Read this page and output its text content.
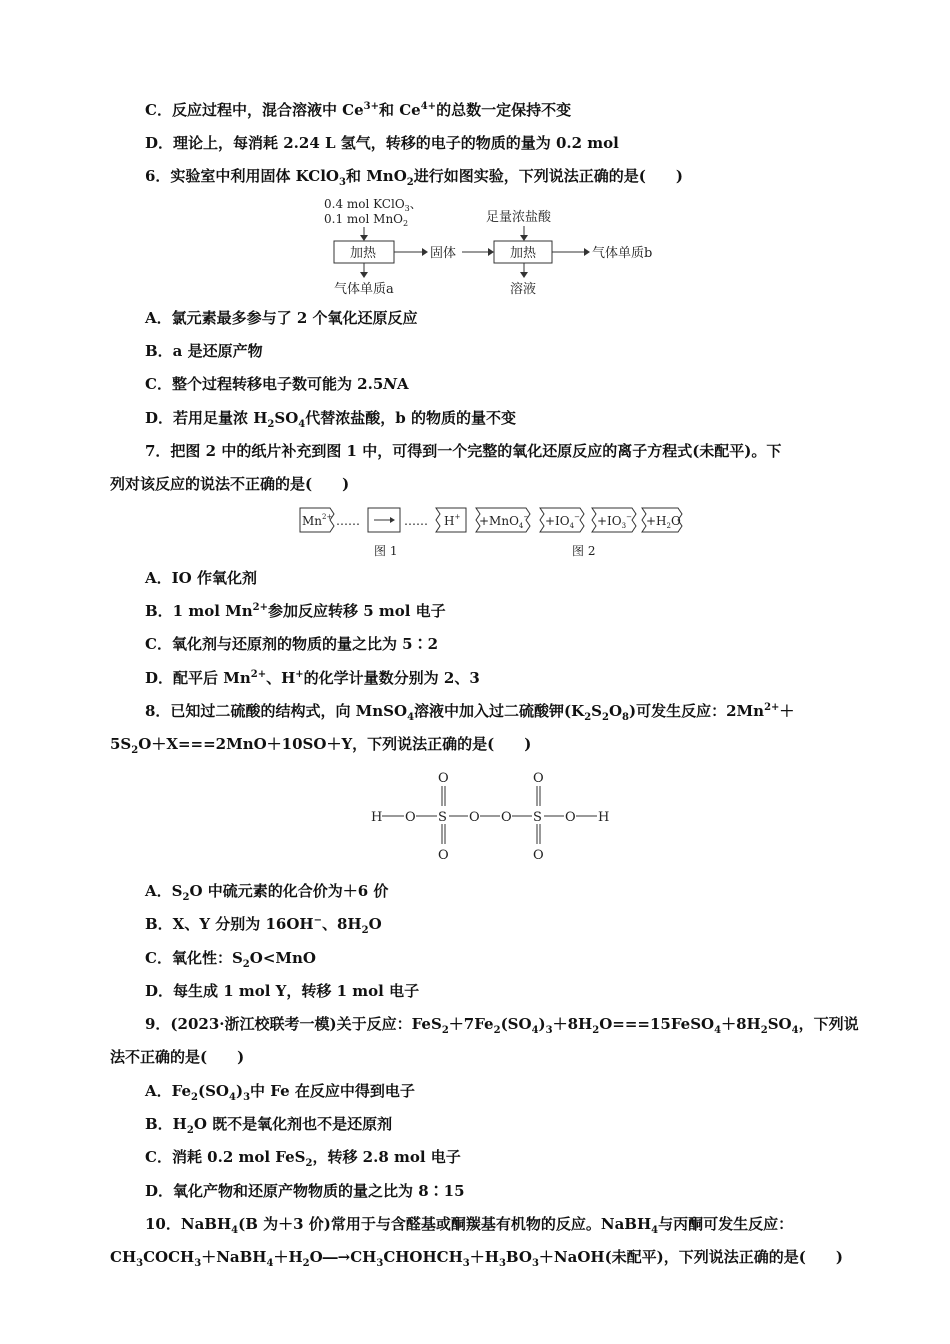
C．反应过程中，混合溶液中 $Ce^{3+}$和 $Ce^{4+}$的总数一定保持不变
D．理论上，每消耗 2.24 L 氢气，转移的电子的物质的量为 0.2 mol
6．实验室中利用固体 KClO$_3$和 MnO$_2$进行如图实验，下列说法正确的是(　　)
0.4 mol KClO$_3$、
0.1 mol MnO$_2$
加热	固体
足量浓盐酸
加热	气体单质b
气体单质a	溶液
A．氯元素最多参与了 2 个氧化还原反应
B．a 是还原产物
C．整个过程转移电子数可能为 2.5NA
D．若用足量浓 $H_2SO_4$代替浓盐酸，b 的物质的量不变
7．把图 2 中的纸片补充到图 1 中，可得到一个完整的氧化还原反应的离子方程式(未配平)。下
列对该反应的说法不正确的是(　　)
$Mn^{2+}$ ……	…… $H^+ +MnO_4^- +IO_4^- +IO_3^- +H_2O$
图 1	图 2
A．IO 作氧化剂
B．1 mol $Mn^{2+}$参加反应转移 5 mol 电子
C．氧化剂与还原剂的物质的量之比为 5∶2
D．配平后 $Mn^{2+}$、H+的化学计量数分别为 2、3
8．已知过二硫酸的结构式，向 MnSO$_4$溶液中加入过二硫酸钾$(K_2S_2O_8)$可发生反应：$2Mn^{2+}+$
$5S_2O+X===2MnO+10SO+Y$，下列说法正确的是(　　)
O	O
H O S O O S O H
O	O
A．$S_2O$ 中硫元素的化合价为＋6 价
B．X、Y 分别为 16OH−、$8H_2O$
C．氧化性：$S_2O<MnO$
D．每生成 1 mol Y，转移 1 mol 电子
9．(2023·浙江校联考一模)关于反应：$FeS_2+7Fe_2(SO_4)_3+8H_2O===15FeSO_4+8H_2SO_4$，下列说
法不正确的是(　　)
A．$Fe_2(SO_4)_3$中 Fe 在反应中得到电子
B．$H_2O$ 既不是氧化剂也不是还原剂
C．消耗 0.2 mol FeS$_2$，转移 2.8 mol 电子
D．氧化产物和还原产物物质的量之比为 8∶15
10．NaBH$_4$(B 为＋3 价)常用于与含醛基或酮羰基有机物的反应。NaBH$_4$与丙酮可发生反应：
$CH_3COCH_3+NaBH_4+H_2O―\to CH_3CHOHCH_3+H_3BO_3+NaOH$(未配平)，下列说法正确的是(　　)
